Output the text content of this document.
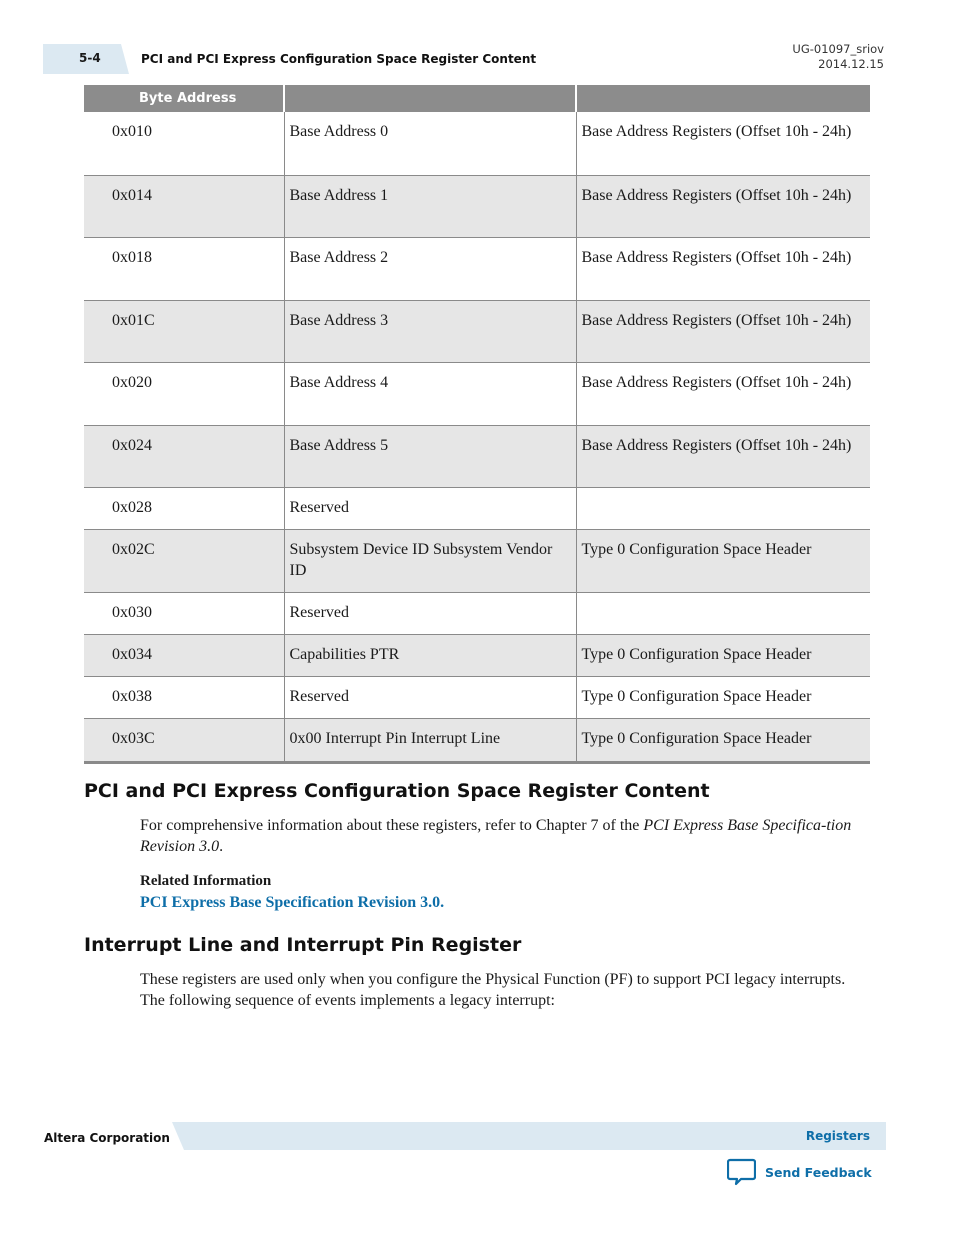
5-4	PCI and PCI Express Configuration Space Register Content
UG-01097_sriov
2014.12.15
Byte Address		
0x010	Base Address 0	Base Address Registers (Offset 10h - 24h)
0x014	Base Address 1	Base Address Registers (Offset 10h - 24h)
0x018	Base Address 2	Base Address Registers (Offset 10h - 24h)
0x01C	Base Address 3	Base Address Registers (Offset 10h - 24h)
0x020	Base Address 4	Base Address Registers (Offset 10h - 24h)
0x024	Base Address 5	Base Address Registers (Offset 10h - 24h)
0x028	Reserved	
0x02C	Subsystem Device ID Subsystem Vendor ID	Type 0 Configuration Space Header
0x030	Reserved	
0x034	Capabilities PTR	Type 0 Configuration Space Header
0x038	Reserved	Type 0 Configuration Space Header
0x03C	0x00 Interrupt Pin Interrupt Line	Type 0 Configuration Space Header
PCI and PCI Express Configuration Space Register Content

For comprehensive information about these registers, refer to Chapter 7 of the PCI Express Base Specifica-tion Revision 3.0.

Related Information
PCI Express Base Specification Revision 3.0.
Interrupt Line and Interrupt Pin Register

These registers are used only when you configure the Physical Function (PF) to support PCI legacy interrupts. The following sequence of events implements a legacy interrupt:

Altera Corporation	Registers
Send Feedback
